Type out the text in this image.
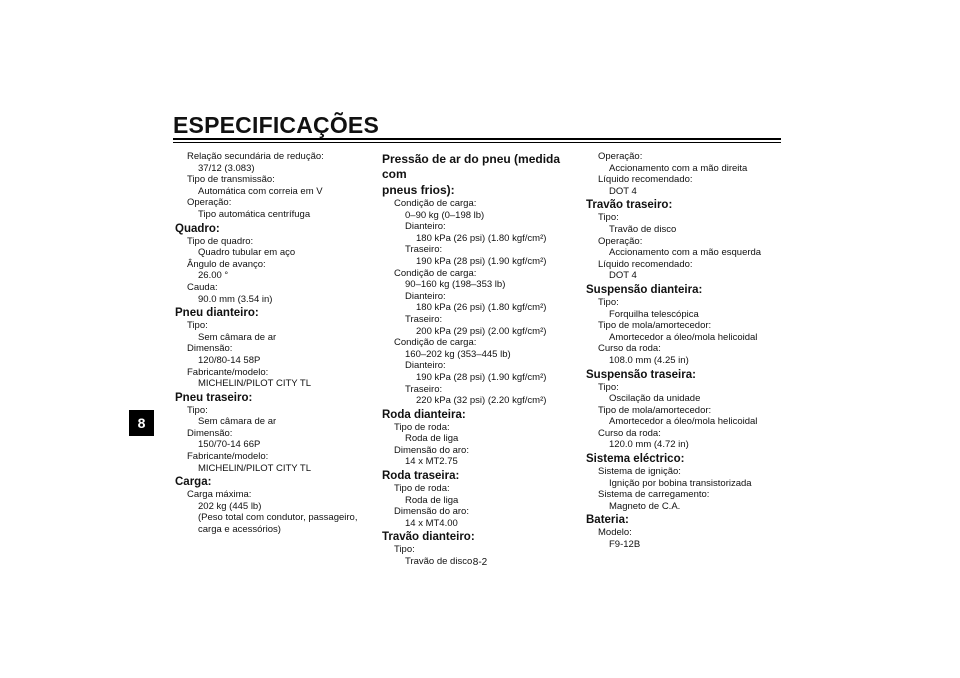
ESPECIFICAÇÕES
8
Relação secundária de redução:
37/12 (3.083)
Tipo de transmissão:
Automática com correia em V
Operação:
Tipo automática centrífuga
Quadro:
Tipo de quadro:
Quadro tubular em aço
Ângulo de avanço:
26.00 °
Cauda:
90.0 mm (3.54 in)
Pneu dianteiro:
Tipo:
Sem câmara de ar
Dimensão:
120/80-14 58P
Fabricante/modelo:
MICHELIN/PILOT CITY TL
Pneu traseiro:
Tipo:
Sem câmara de ar
Dimensão:
150/70-14 66P
Fabricante/modelo:
MICHELIN/PILOT CITY TL
Carga:
Carga máxima:
202 kg (445 lb)
(Peso total com condutor, passageiro,
carga e acessórios)
Pressão de ar do pneu (medida com
pneus frios):
Condição de carga:
0–90 kg (0–198 lb)
Dianteiro:
180 kPa (26 psi) (1.80 kgf/cm²)
Traseiro:
190 kPa (28 psi) (1.90 kgf/cm²)
Condição de carga:
90–160 kg (198–353 lb)
Dianteiro:
180 kPa (26 psi) (1.80 kgf/cm²)
Traseiro:
200 kPa (29 psi) (2.00 kgf/cm²)
Condição de carga:
160–202 kg (353–445 lb)
Dianteiro:
190 kPa (28 psi) (1.90 kgf/cm²)
Traseiro:
220 kPa (32 psi) (2.20 kgf/cm²)
Roda dianteira:
Tipo de roda:
Roda de liga
Dimensão do aro:
14 x MT2.75
Roda traseira:
Tipo de roda:
Roda de liga
Dimensão do aro:
14 x MT4.00
Travão dianteiro:
Tipo:
Travão de disco
Operação:
Accionamento com a mão direita
Líquido recomendado:
DOT 4
Travão traseiro:
Tipo:
Travão de disco
Operação:
Accionamento com a mão esquerda
Líquido recomendado:
DOT 4
Suspensão dianteira:
Tipo:
Forquilha telescópica
Tipo de mola/amortecedor:
Amortecedor a óleo/mola helicoidal
Curso da roda:
108.0 mm (4.25 in)
Suspensão traseira:
Tipo:
Oscilação da unidade
Tipo de mola/amortecedor:
Amortecedor a óleo/mola helicoidal
Curso da roda:
120.0 mm (4.72 in)
Sistema eléctrico:
Sistema de ignição:
Ignição por bobina transistorizada
Sistema de carregamento:
Magneto de C.A.
Bateria:
Modelo:
F9-12B
8-2
